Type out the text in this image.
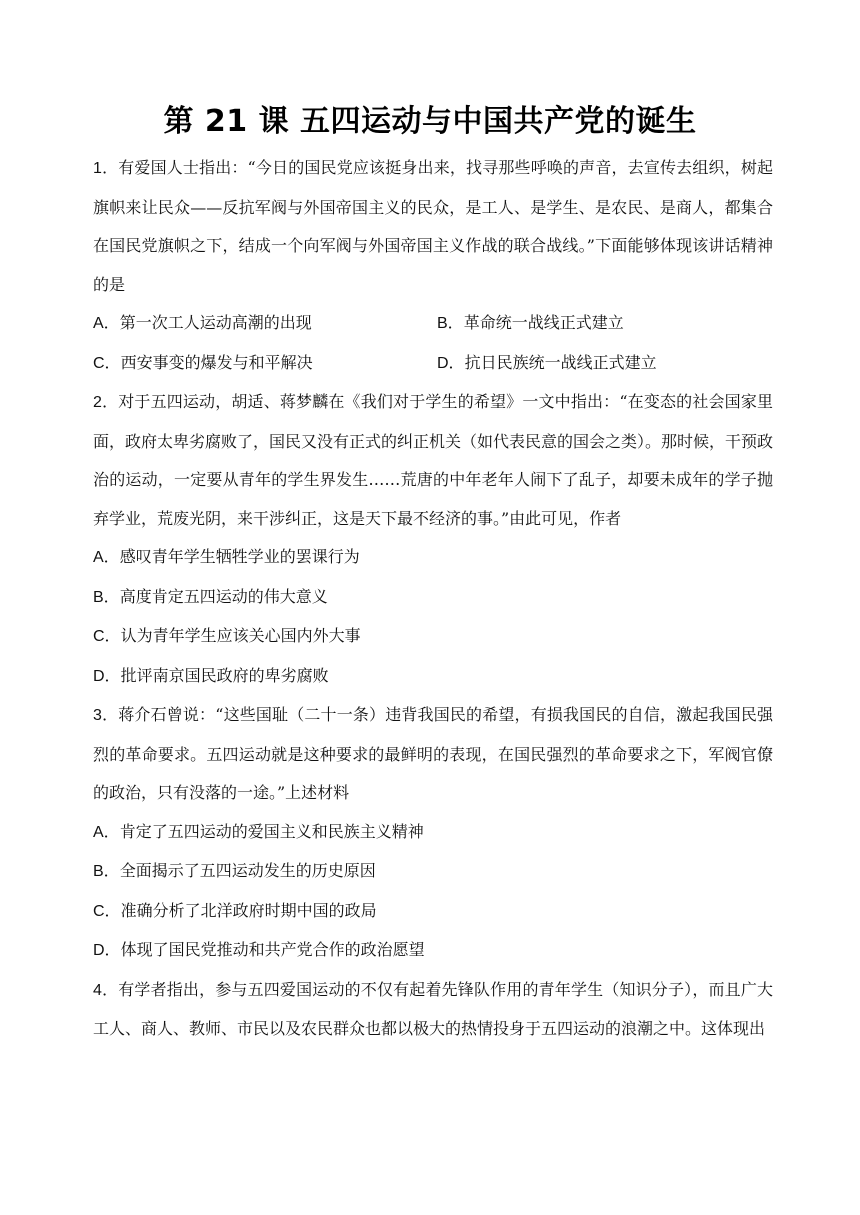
第 21 课 五四运动与中国共产党的诞生

1．有爱国人士指出：“今日的国民党应该挺身出来，找寻那些呼唤的声音，去宣传去组织，树起旗帜来让民众——反抗军阀与外国帝国主义的民众，是工人、是学生、是农民、是商人，都集合在国民党旗帜之下，结成一个向军阀与外国帝国主义作战的联合战线。”下面能够体现该讲话精神的是

A．第一次工人运动高潮的出现	B．革命统一战线正式建立

C．西安事变的爆发与和平解决	D．抗日民族统一战线正式建立

2．对于五四运动，胡适、蒋梦麟在《我们对于学生的希望》一文中指出：“在变态的社会国家里面，政府太卑劣腐败了，国民又没有正式的纠正机关（如代表民意的国会之类）。那时候，干预政治的运动，一定要从青年的学生界发生……荒唐的中年老年人闹下了乱子，却要未成年的学子抛弃学业，荒废光阴，来干涉纠正，这是天下最不经济的事。”由此可见，作者

A．感叹青年学生牺牲学业的罢课行为

B．高度肯定五四运动的伟大意义

C．认为青年学生应该关心国内外大事

D．批评南京国民政府的卑劣腐败

3．蒋介石曾说：“这些国耻（二十一条）违背我国民的希望，有损我国民的自信，激起我国民强烈的革命要求。五四运动就是这种要求的最鲜明的表现，在国民强烈的革命要求之下，军阀官僚的政治，只有没落的一途。”上述材料

A．肯定了五四运动的爱国主义和民族主义精神

B．全面揭示了五四运动发生的历史原因

C．准确分析了北洋政府时期中国的政局

D．体现了国民党推动和共产党合作的政治愿望

4．有学者指出，参与五四爱国运动的不仅有起着先锋队作用的青年学生（知识分子），而且广大工人、商人、教师、市民以及农民群众也都以极大的热情投身于五四运动的浪潮之中。这体现出
